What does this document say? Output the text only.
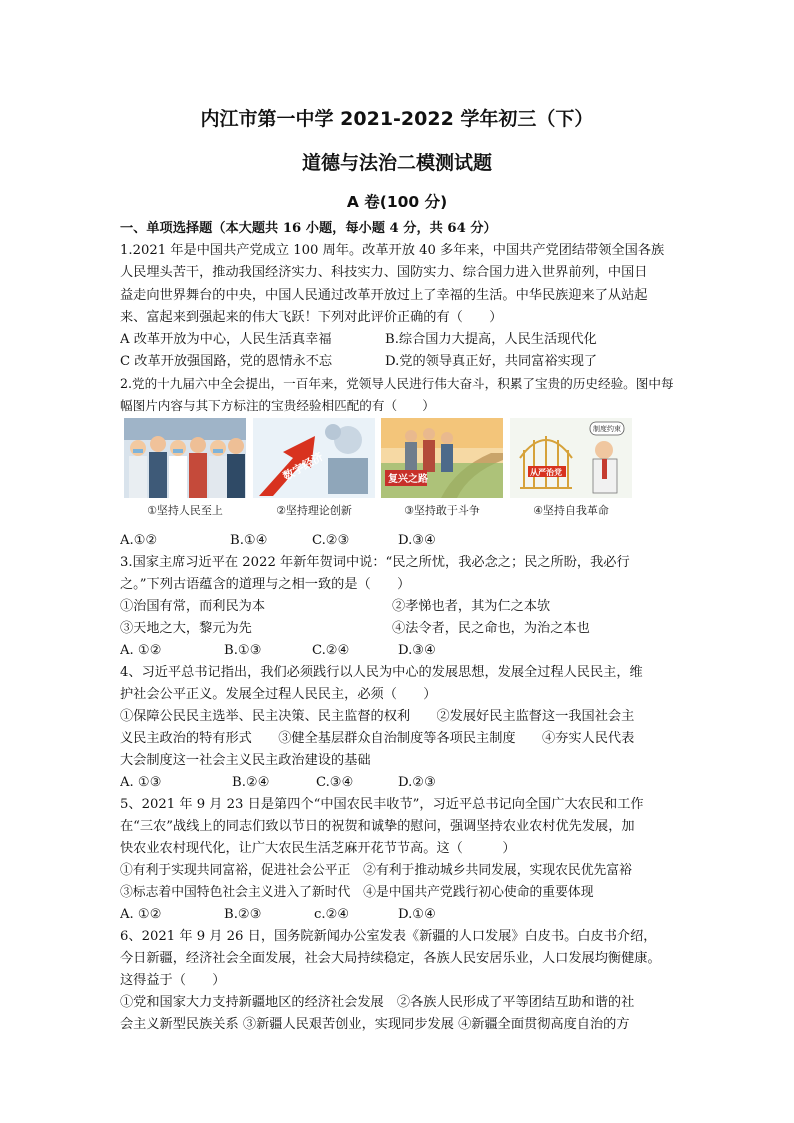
内江市第一中学 2021-2022 学年初三（下）
道德与法治二模测试题
A 卷(100 分)
一、单项选择题（本大题共 16 小题，每小题 4 分，共 64 分）
1.2021 年是中国共产党成立 100 周年。改革开放 40 多年来，中国共产党团结带领全国各族
人民埋头苦干，推动我国经济实力、科技实力、国防实力、综合国力进入世界前列，中国日
益走向世界舞台的中央，中国人民通过改革开放过上了幸福的生活。中华民族迎来了从站起
来、富起来到强起来的伟大飞跃！下列对此评价正确的有（　　）
A 改革开放为中心，人民生活真幸福	B.综合国力大提高，人民生活现代化
C 改革开放强国路，党的恩情永不忘	D.党的领导真正好，共同富裕实现了
2.党的十九届六中全会提出，一百年来，党领导人民进行伟大奋斗，积累了宝贵的历史经验。图中每
幅图片内容与其下方标注的宝贵经验相匹配的有（　　）
数字经济	复兴之路
从严治党
制度约束
①坚持人民至上	②坚持理论创新	③坚持敢于斗争	④坚持自我革命
A.①②	B.①④	C.②③	D.③④
3.国家主席习近平在 2022 年新年贺词中说：“民之所忧，我必念之；民之所盼，我必行
之。”下列古语蕴含的道理与之相一致的是（　　）
①治国有常，而利民为本	②孝悌也者，其为仁之本欤
③天地之大，黎元为先	④法令者，民之命也，为治之本也
A. ①②	B.①③	C.②④	D.③④
4、习近平总书记指出，我们必须践行以人民为中心的发展思想，发展全过程人民民主，维
护社会公平正义。发展全过程人民民主，必须（　　）
①保障公民民主选举、民主决策、民主监督的权利　　②发展好民主监督这一我国社会主
义民主政治的特有形式　　③健全基层群众自治制度等各项民主制度　　④夯实人民代表
大会制度这一社会主义民主政治建设的基础
A. ①③	B.②④	C.③④	D.②③
5、2021 年 9 月 23 日是第四个“中国农民丰收节”，习近平总书记向全国广大农民和工作
在“三农”战线上的同志们致以节日的祝贺和诚挚的慰问，强调坚持农业农村优先发展，加
快农业农村现代化，让广大农民生活芝麻开花节节高。这（　　　）
①有利于实现共同富裕，促进社会公平正　②有利于推动城乡共同发展，实现农民优先富裕
③标志着中国特色社会主义进入了新时代　④是中国共产党践行初心使命的重要体现
A. ①②	B.②③	c.②④	D.①④
6、2021 年 9 月 26 日，国务院新闻办公室发表《新疆的人口发展》白皮书。白皮书介绍，
今日新疆，经济社会全面发展，社会大局持续稳定，各族人民安居乐业，人口发展均衡健康。
这得益于（　　）
①党和国家大力支持新疆地区的经济社会发展　②各族人民形成了平等团结互助和谐的社
会主义新型民族关系 ③新疆人民艰苦创业，实现同步发展 ④新疆全面贯彻高度自治的方
